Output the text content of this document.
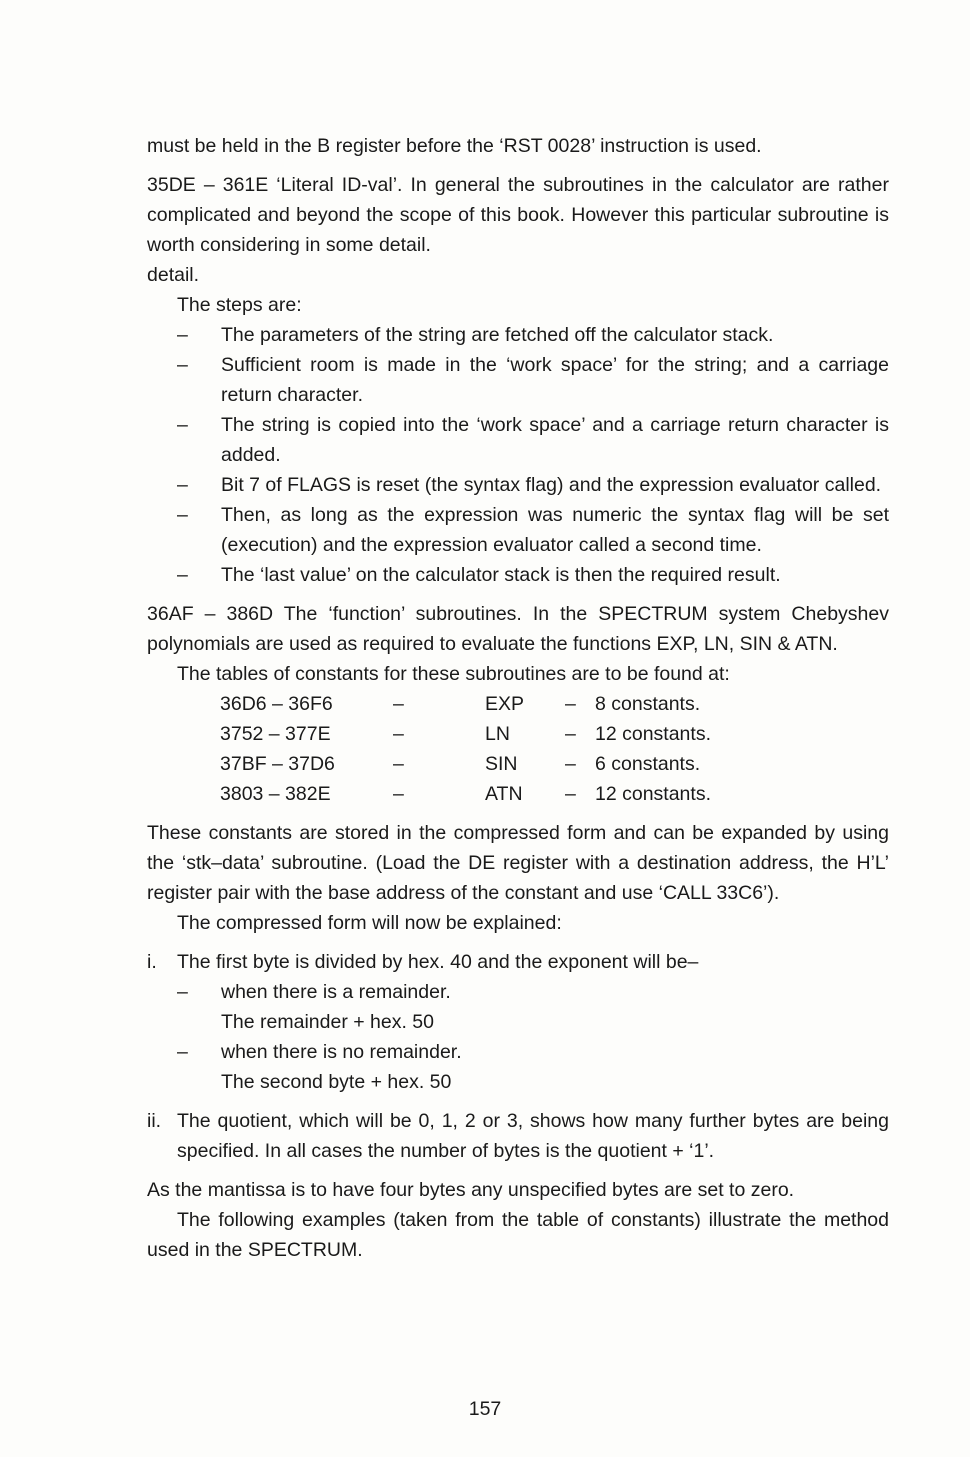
must be held in the B register before the ‘RST 0028’ instruction is used.

35DE – 361E ‘Literal ID-val’. In general the subroutines in the calculator are rather complicated and beyond the scope of this book. However this particular subroutine is worth considering in some detail.

detail.

The steps are:

–	The parameters of the string are fetched off the calculator stack.
–	Sufficient room is made in the ‘work space’ for the string; and a carriage return character.
–	The string is copied into the ‘work space’ and a carriage return character is added.
–	Bit 7 of FLAGS is reset (the syntax flag) and the expression evaluator called.
–	Then, as long as the expression was numeric the syntax flag will be set (execution) and the expression evaluator called a second time.
–	The ‘last value’ on the calculator stack is then the required result.

36AF – 386D The ‘function’ subroutines. In the SPECTRUM system Chebyshev polynomials are used as required to evaluate the functions EXP, LN, SIN & ATN.

The tables of constants for these subroutines are to be found at:

36D6 – 36F6	–	EXP	– 8 constants.
3752 – 377E	–	LN	– 12 constants.
37BF – 37D6	–	SIN	– 6 constants.
3803 – 382E	–	ATN	– 12 constants.

These constants are stored in the compressed form and can be expanded by using the ‘stk–data’ subroutine. (Load the DE register with a destination address, the H’L’ register pair with the base address of the constant and use ‘CALL 33C6’).

The compressed form will now be explained:

i.	The first byte is divided by hex. 40 and the exponent will be–
–	when there is a remainder.

The remainder + hex. 50

–	when there is no remainder.

The second byte + hex. 50

ii. The quotient, which will be 0, 1, 2 or 3, shows how many further bytes are being specified. In all cases the number of bytes is the quotient + ‘1’.

As the mantissa is to have four bytes any unspecified bytes are set to zero.

The following examples (taken from the table of constants) illustrate the method used in the SPECTRUM.

157
